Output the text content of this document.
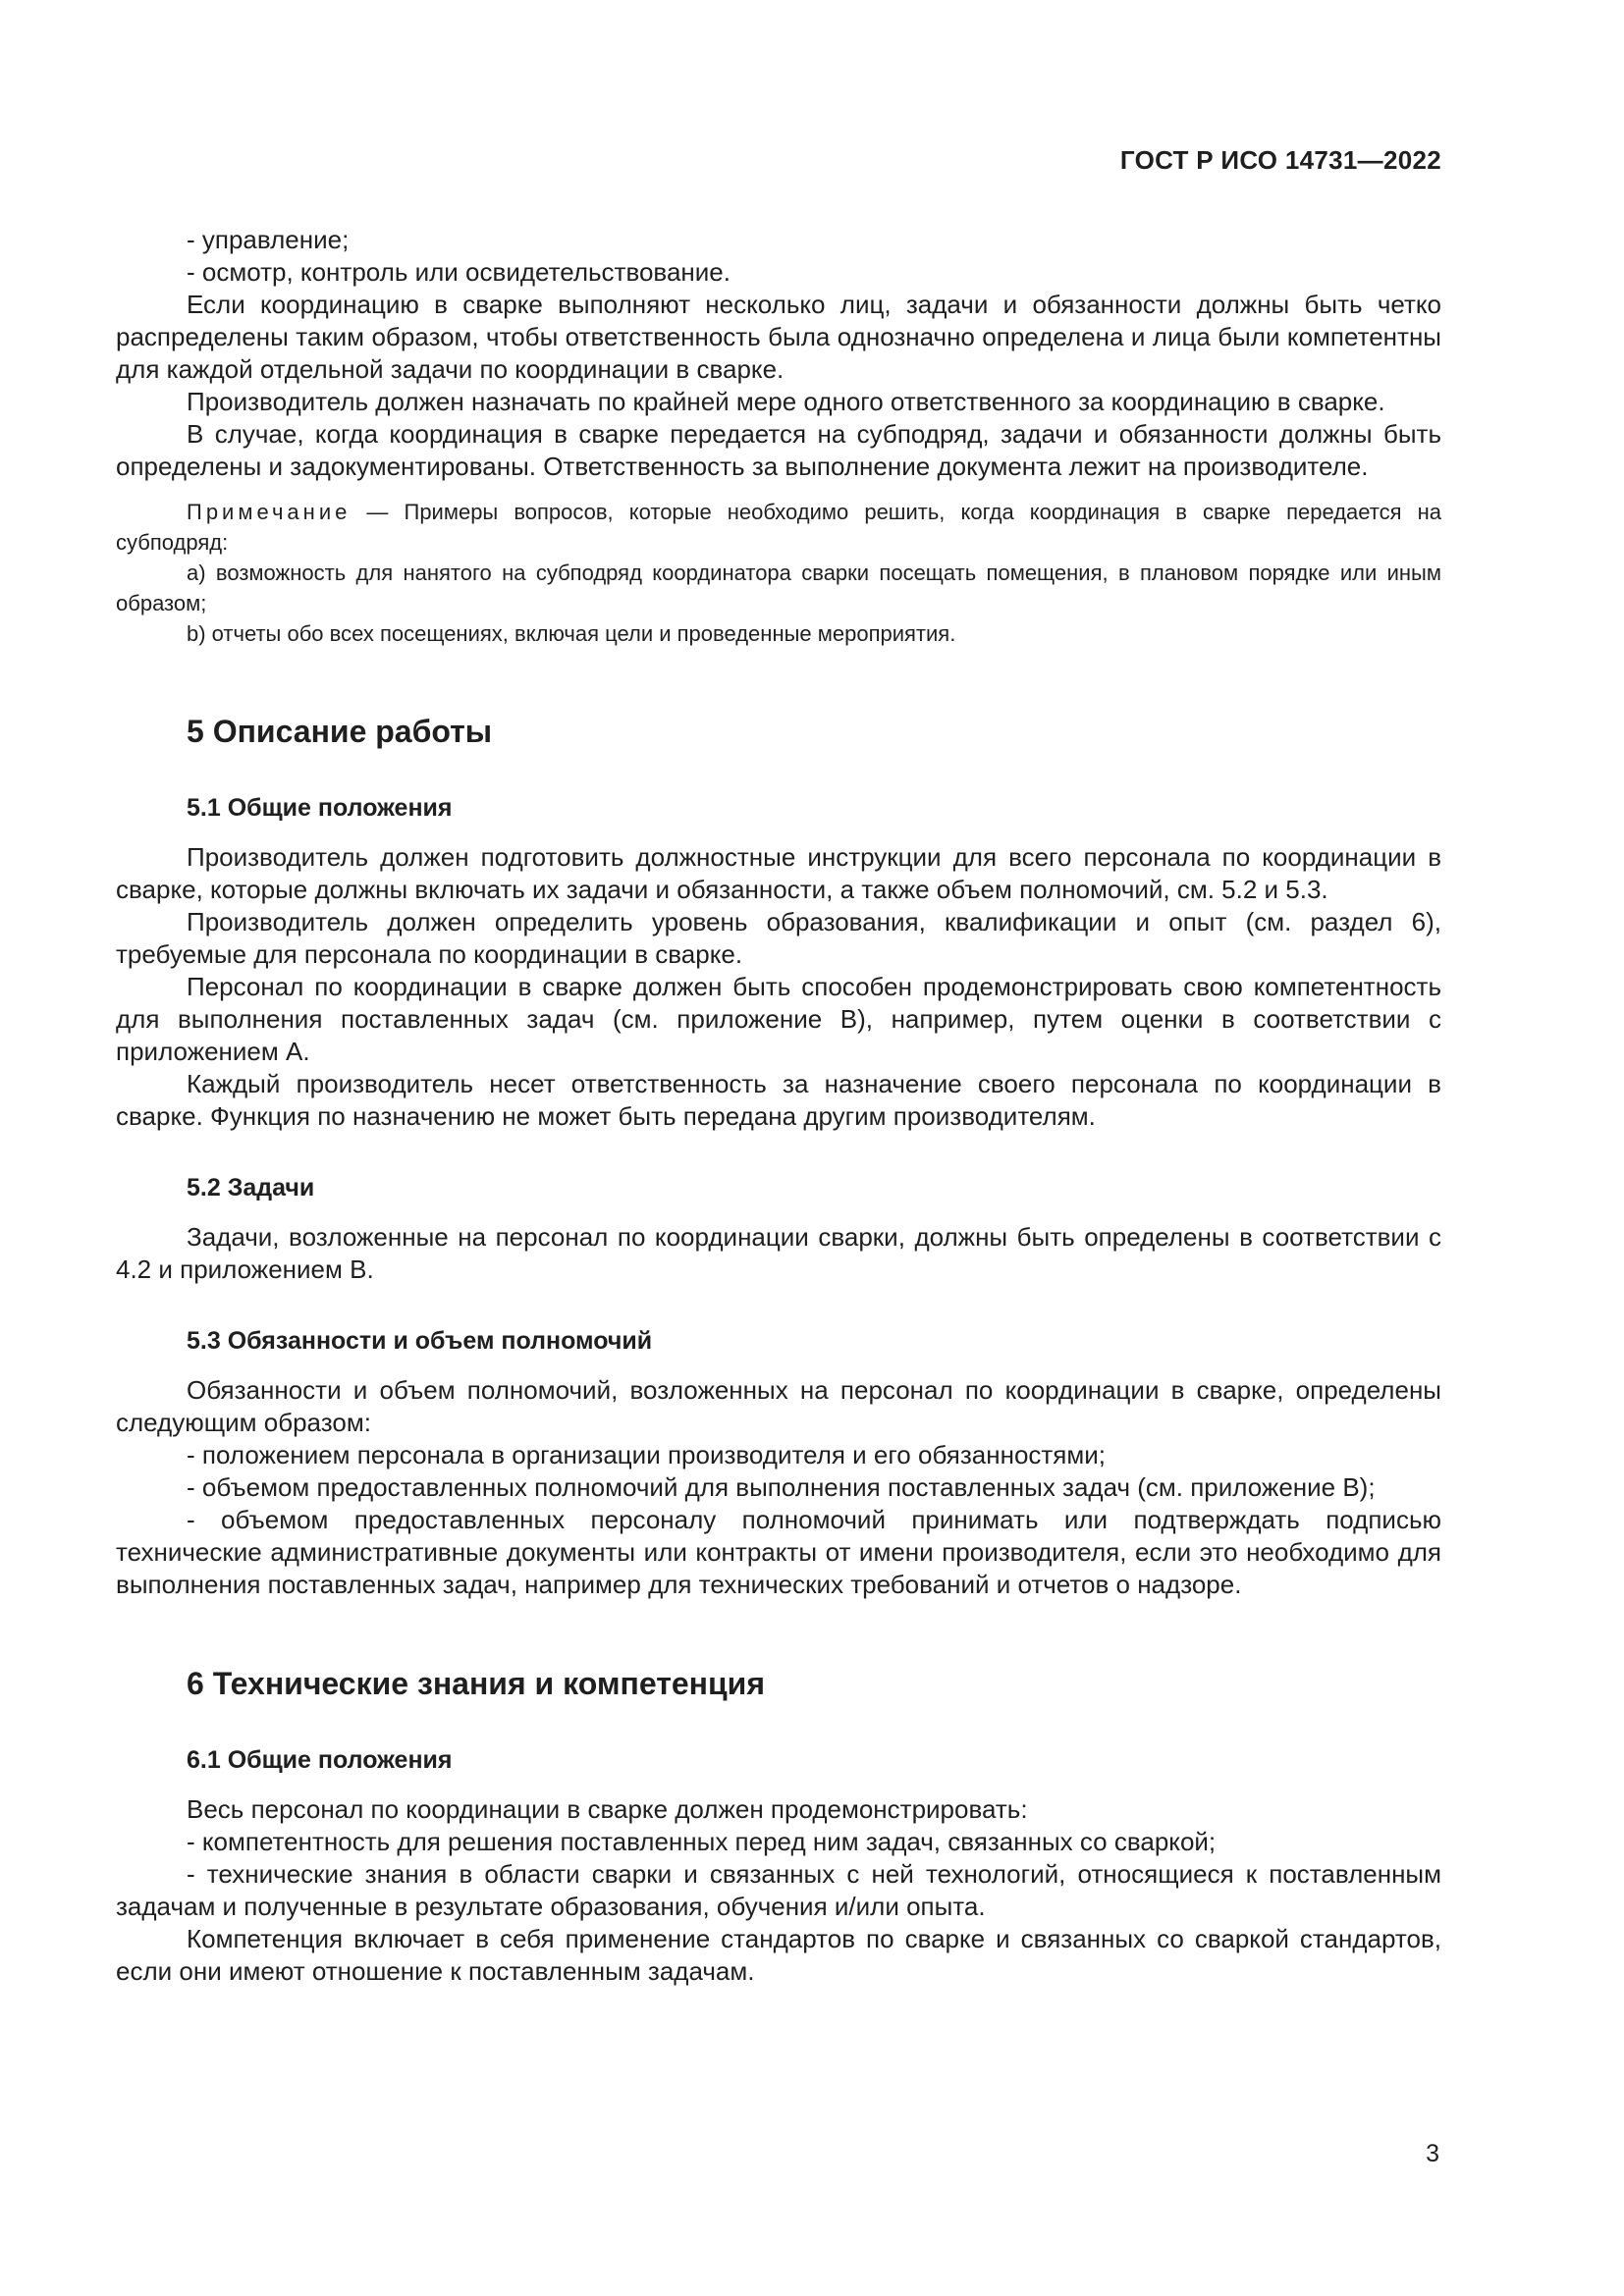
ГОСТ Р ИСО 14731—2022

- управление;

- осмотр, контроль или освидетельствование.

Если координацию в сварке выполняют несколько лиц, задачи и обязанности должны быть четко распределены таким образом, чтобы ответственность была однозначно определена и лица были компетентны для каждой отдельной задачи по координации в сварке.

Производитель должен назначать по крайней мере одного ответственного за координацию в сварке.

В случае, когда координация в сварке передается на субподряд, задачи и обязанности должны быть определены и задокументированы. Ответственность за выполнение документа лежит на производителе.

Примечание — Примеры вопросов, которые необходимо решить, когда координация в сварке передается на субподряд:

а) возможность для нанятого на субподряд координатора сварки посещать помещения, в плановом порядке или иным образом;

b) отчеты обо всех посещениях, включая цели и проведенные мероприятия.

5 Описание работы
5.1 Общие положения

Производитель должен подготовить должностные инструкции для всего персонала по координации в сварке, которые должны включать их задачи и обязанности, а также объем полномочий, см. 5.2 и 5.3.

Производитель должен определить уровень образования, квалификации и опыт (см. раздел 6), требуемые для персонала по координации в сварке.

Персонал по координации в сварке должен быть способен продемонстрировать свою компетентность для выполнения поставленных задач (см. приложение В), например, путем оценки в соответствии с приложением А.

Каждый производитель несет ответственность за назначение своего персонала по координации в сварке. Функция по назначению не может быть передана другим производителям.

5.2 Задачи

Задачи, возложенные на персонал по координации сварки, должны быть определены в соответствии с 4.2 и приложением В.

5.3 Обязанности и объем полномочий

Обязанности и объем полномочий, возложенных на персонал по координации в сварке, определены следующим образом:

- положением персонала в организации производителя и его обязанностями;

- объемом предоставленных полномочий для выполнения поставленных задач (см. приложение В);

- объемом предоставленных персоналу полномочий принимать или подтверждать подписью технические административные документы или контракты от имени производителя, если это необходимо для выполнения поставленных задач, например для технических требований и отчетов о надзоре.

6 Технические знания и компетенция
6.1 Общие положения

Весь персонал по координации в сварке должен продемонстрировать:

- компетентность для решения поставленных перед ним задач, связанных со сваркой;

- технические знания в области сварки и связанных с ней технологий, относящиеся к поставленным задачам и полученные в результате образования, обучения и/или опыта.

Компетенция включает в себя применение стандартов по сварке и связанных со сваркой стандартов, если они имеют отношение к поставленным задачам.

3
